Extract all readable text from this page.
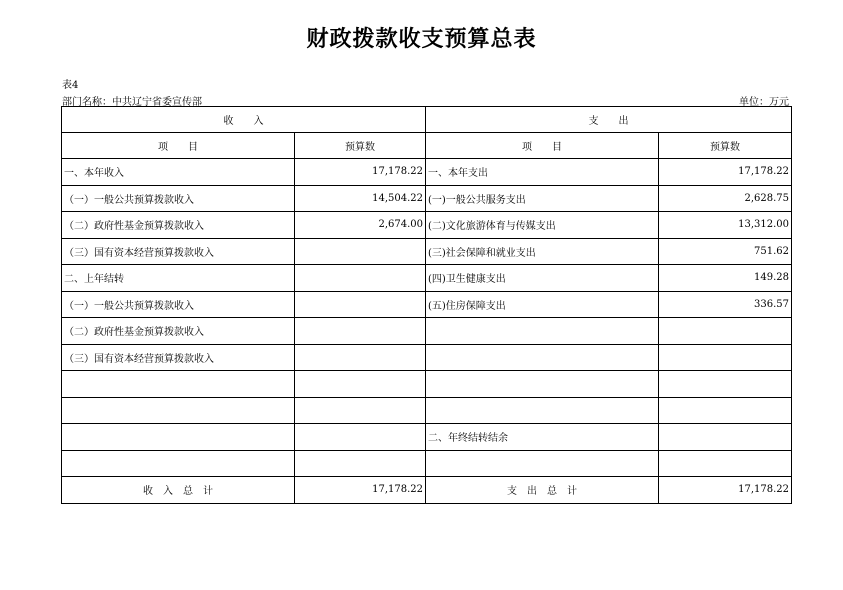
财政拨款收支预算总表
表4
部门名称：中共辽宁省委宣传部	单位：万元
收　　入		支　　出	
项　　目	预算数	项　　目	预算数
一、本年收入	17,178.22	一、本年支出	17,178.22
（一）一般公共预算拨款收入	14,504.22	(一)一般公共服务支出	2,628.75
（二）政府性基金预算拨款收入	2,674.00	(二)文化旅游体育与传媒支出	13,312.00
（三）国有资本经营预算拨款收入		(三)社会保障和就业支出	751.62
二、上年结转		(四)卫生健康支出	149.28
（一）一般公共预算拨款收入		(五)住房保障支出	336.57
（二）政府性基金预算拨款收入			
（三）国有资本经营预算拨款收入			

		二、年终结转结余	

收　入　总　计	17,178.22	支　出　总　计	17,178.22
